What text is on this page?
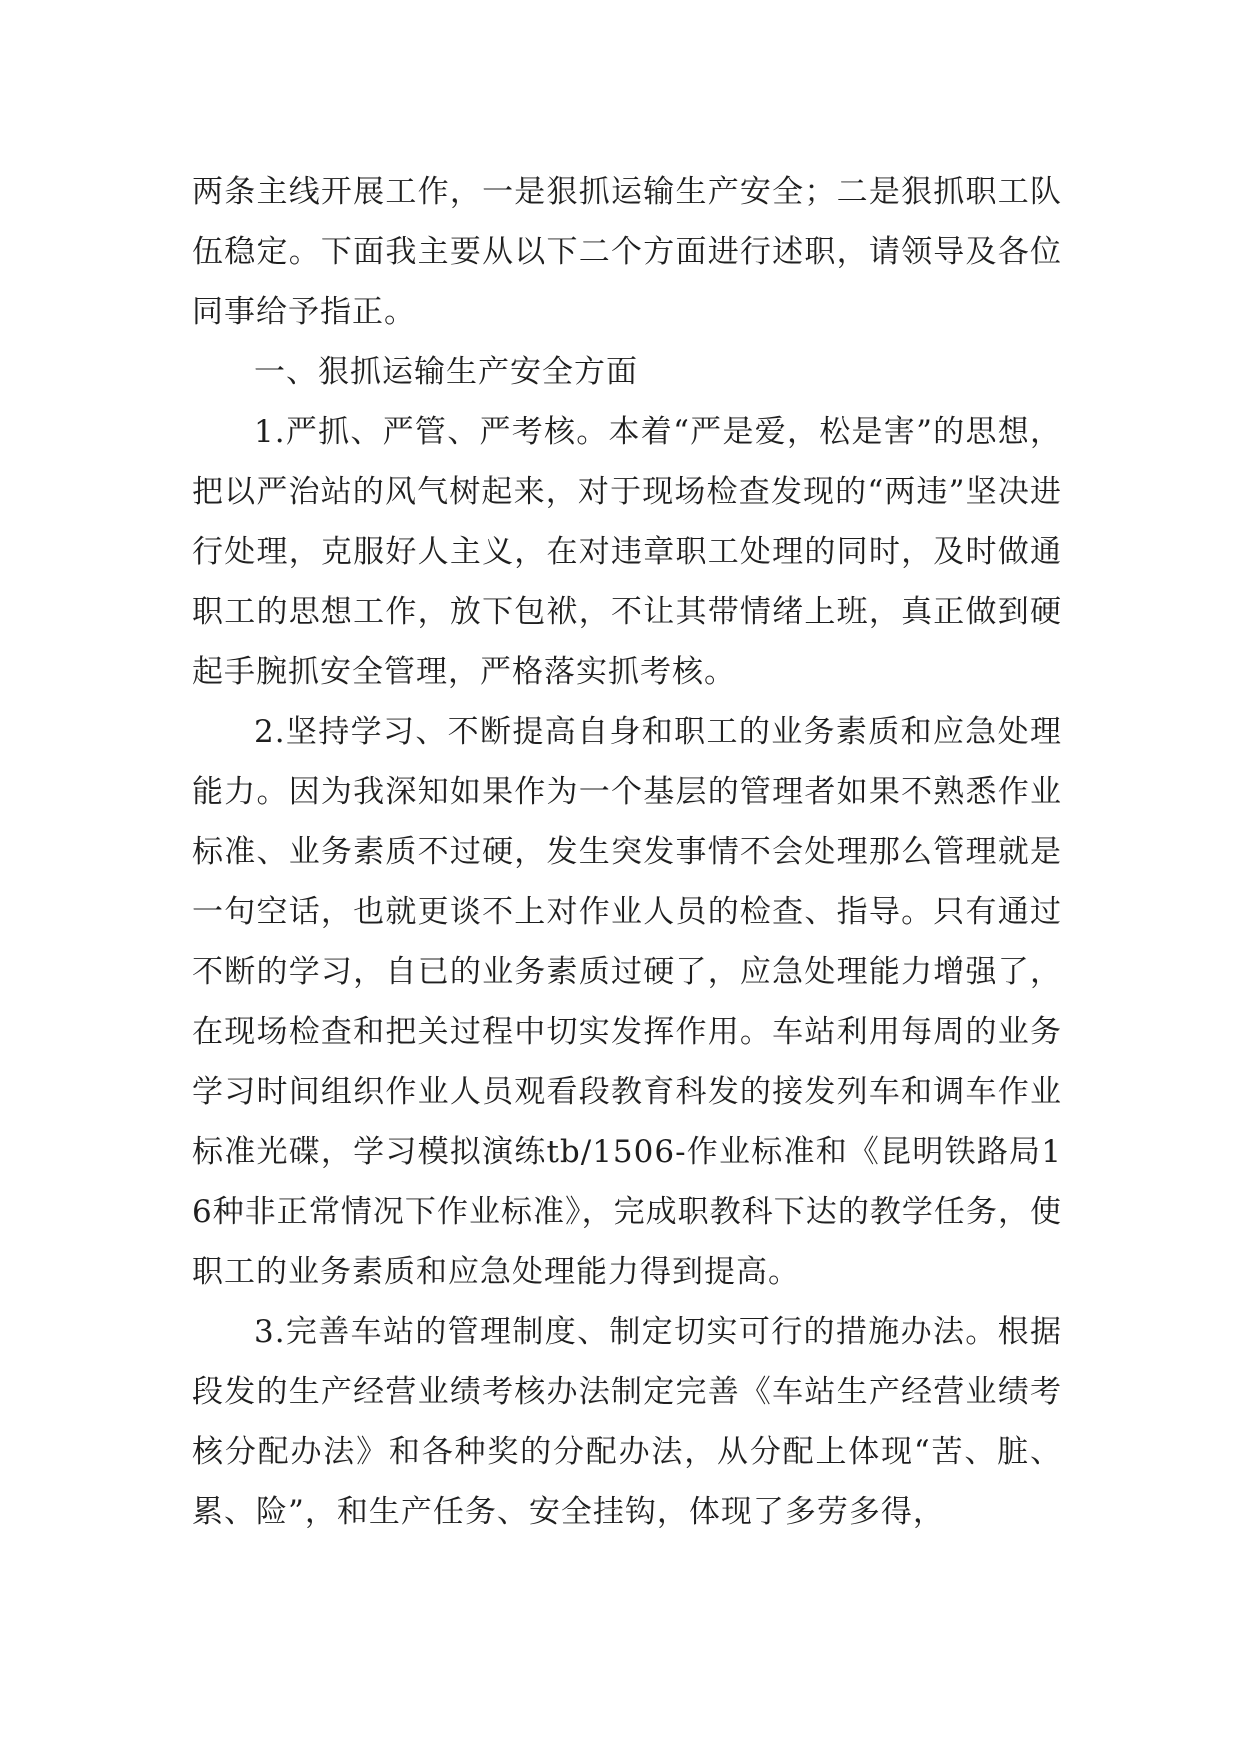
两条主线开展工作，一是狠抓运输生产安全；二是狠抓职工队伍稳定。下面我主要从以下二个方面进行述职，请领导及各位同事给予指正。

一、狠抓运输生产安全方面

1.严抓、严管、严考核。本着“严是爱，松是害”的思想，把以严治站的风气树起来，对于现场检查发现的“两违”坚决进行处理，克服好人主义，在对违章职工处理的同时，及时做通职工的思想工作，放下包袱，不让其带情绪上班，真正做到硬起手腕抓安全管理，严格落实抓考核。

2.坚持学习、不断提高自身和职工的业务素质和应急处理能力。因为我深知如果作为一个基层的管理者如果不熟悉作业标准、业务素质不过硬，发生突发事情不会处理那么管理就是一句空话，也就更谈不上对作业人员的检查、指导。只有通过不断的学习，自已的业务素质过硬了，应急处理能力增强了，在现场检查和把关过程中切实发挥作用。车站利用每周的业务学习时间组织作业人员观看段教育科发的接发列车和调车作业标准光碟，学习模拟演练tb/1506-作业标准和《昆明铁路局16种非正常情况下作业标准》，完成职教科下达的教学任务，使职工的业务素质和应急处理能力得到提高。

3.完善车站的管理制度、制定切实可行的措施办法。根据段发的生产经营业绩考核办法制定完善《车站生产经营业绩考核分配办法》和各种奖的分配办法，从分配上体现“苦、脏、累、险”，和生产任务、安全挂钩，体现了多劳多得，
